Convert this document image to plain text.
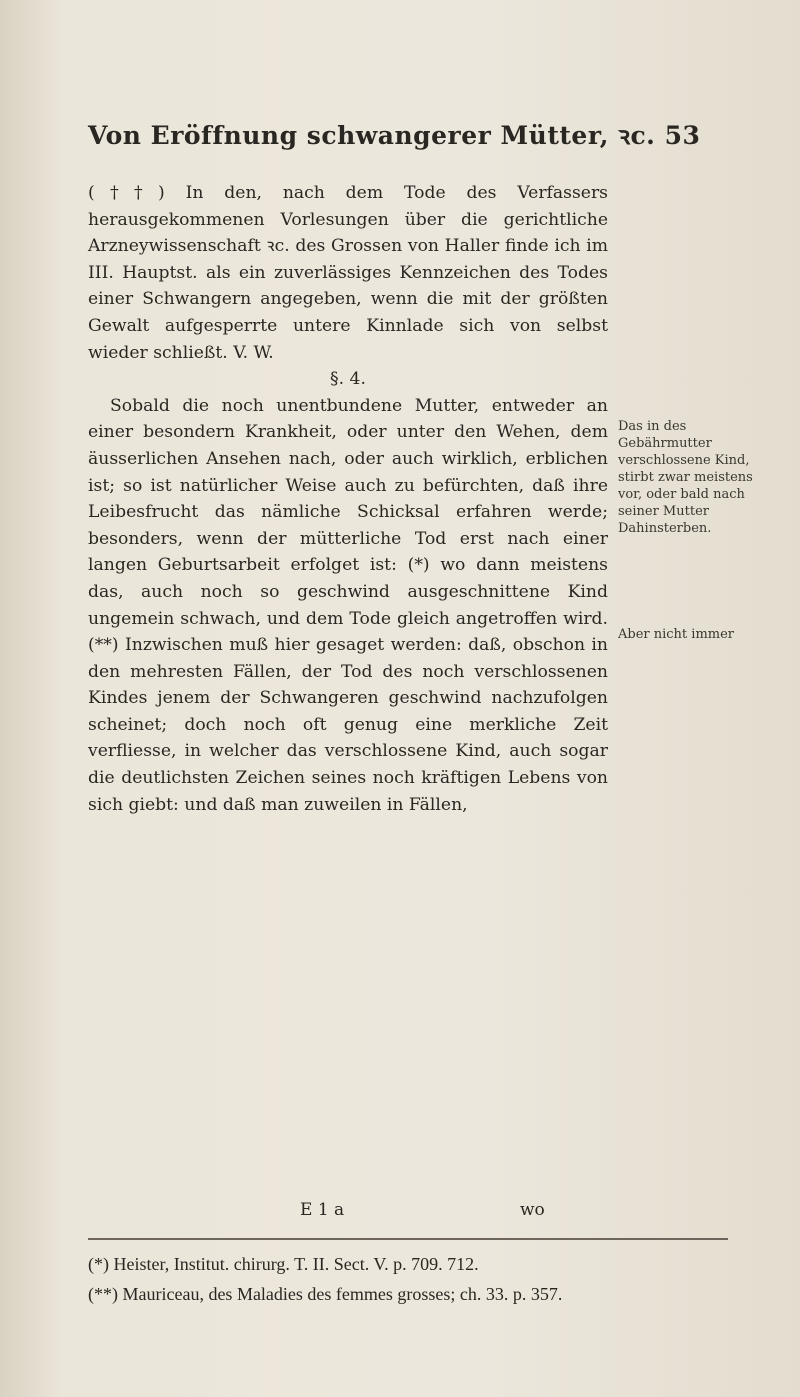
Von Eröffnung schwangerer Mütter, ꝛc. 53

(††) In den, nach dem Tode des Verfassers herausgekommenen Vorlesungen über die gerichtliche Arzneywissenschaft ꝛc. des Grossen von Haller finde ich im III. Hauptst. als ein zuverlässiges Kennzeichen des Todes einer Schwangern angegeben, wenn die mit der größten Gewalt aufgesperrte untere Kinnlade sich von selbst wieder schließt. V. W.

§. 4.

Sobald die noch unentbundene Mutter, entweder an einer besondern Krankheit, oder unter den Wehen, dem äusserlichen Ansehen nach, oder auch wirklich, erblichen ist; so ist natürlicher Weise auch zu befürchten, daß ihre Leibesfrucht das nämliche Schicksal erfahren werde; besonders, wenn der mütterliche Tod erst nach einer langen Geburtsarbeit erfolget ist: (*) wo dann meistens das, auch noch so geschwind ausgeschnittene Kind ungemein schwach, und dem Tode gleich angetroffen wird. (**) Inzwischen muß hier gesaget werden: daß, obschon in den mehresten Fällen, der Tod des noch verschlossenen Kindes jenem der Schwangeren geschwind nachzufolgen scheinet; doch noch oft genug eine merkliche Zeit verfliesse, in welcher das verschlossene Kind, auch sogar die deutlichsten Zeichen seines noch kräftigen Lebens von sich giebt: und daß man zuweilen in Fällen,

Das in des Gebährmutter verschlossene Kind, stirbt zwar meistens vor, oder bald nach seiner Mutter Dahinsterben.
Aber nicht immer
E 1 a	wo

(*) Heister, Institut. chirurg. T. II. Sect. V. p. 709. 712.

(**) Mauriceau, des Maladies des femmes grosses; ch. 33. p. 357.
